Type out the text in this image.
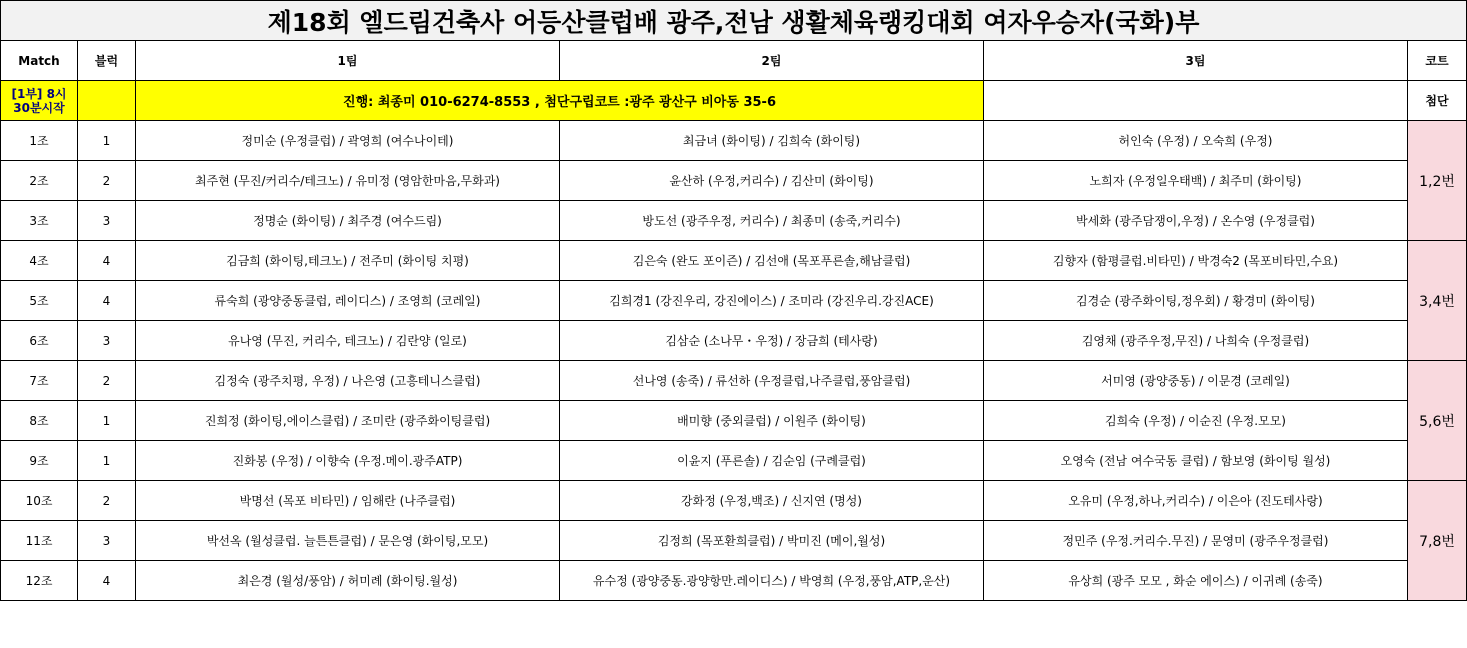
제18회 엘드림건축사 어등산클럽배 광주,전남 생활체육랭킹대회 여자우승자(국화)부					
Match	블럭	1팀	2팀	3팀	코트
[1부] 8시 30분시작		진행: 최종미 010-6274-8553 , 첨단구립코트 :광주 광산구 비아동 35-6			첨단
1조	1	정미순 (우정클럽) / 곽영희 (여수나이테)	최금녀 (화이팅) / 김희숙 (화이팅)	허인숙 (우정) / 오숙희 (우정)	1,2번
2조	2	최주현 (무진/커리수/테크노) / 유미정 (영암한마음,무화과)	윤산하 (우정,커리수) / 김산미 (화이팅)	노희자 (우정일우태백) / 최주미 (화이팅)	
3조	3	정명순 (화이팅) / 최주경 (여수드림)	방도선 (광주우정, 커리수) / 최종미 (송죽,커리수)	박세화 (광주담쟁이,우정) / 온수영 (우정클럽)	
4조	4	김금희 (화이팅,테크노) / 전주미 (화이팅 치평)	김은숙 (완도 포이즌) / 김선애 (목포푸른솔,해남클럽)	김향자 (함평클럽.비타민) / 박경숙2 (목포비타민,수요)	3,4번
5조	4	류숙희 (광양중동클럽, 레이디스) / 조영희 (코레일)	김희경1 (강진우리, 강진에이스) / 조미라 (강진우리.강진ACE)	김경순 (광주화이팅,정우회) / 황경미 (화이팅)	
6조	3	유나영 (무진, 커리수, 테크노) / 김란양 (일로)	김삼순 (소나무・우정) / 장금희 (테사랑)	김영채 (광주우정,무진) / 나희숙 (우정클럽)	
7조	2	김정숙 (광주치평, 우정) / 나은영 (고흥테니스클럽)	선나영 (송죽) / 류선하 (우정클럽,나주클럽,풍암클럽)	서미영 (광양중동) / 이문경 (코레일)	5,6번
8조	1	진희정 (화이팅,에이스클럽) / 조미란 (광주화이팅클럽)	배미향 (중외클럽) / 이원주 (화이팅)	김희숙 (우정) / 이순진 (우정.모모)	
9조	1	진화봉 (우정) / 이향숙 (우정.메이.광주ATP)	이윤지 (푸른솔) / 김순임 (구례클럽)	오영숙 (전남 여수국동 클럽) / 함보영 (화이팅 월성)	
10조	2	박명선 (목포 비타민) / 임해란 (나주클럽)	강화정 (우정,백조) / 신지연 (명성)	오유미 (우정,하나,커리수) / 이은아 (진도테사랑)	7,8번
11조	3	박선옥 (월성클럽. 늘튼튼클럽) / 문은영 (화이팅,모모)	김정희 (목포환희클럽) / 박미진 (메이,월성)	정민주 (우정.커리수.무진) / 문영미 (광주우정클럽)	
12조	4	최은경 (월성/풍암) / 허미례 (화이팅.월성)	유수정 (광양중동.광양항만.레이디스) / 박영희 (우정,풍암,ATP,운산)	유상희 (광주 모모 , 화순 에이스) / 이귀례 (송죽)	
